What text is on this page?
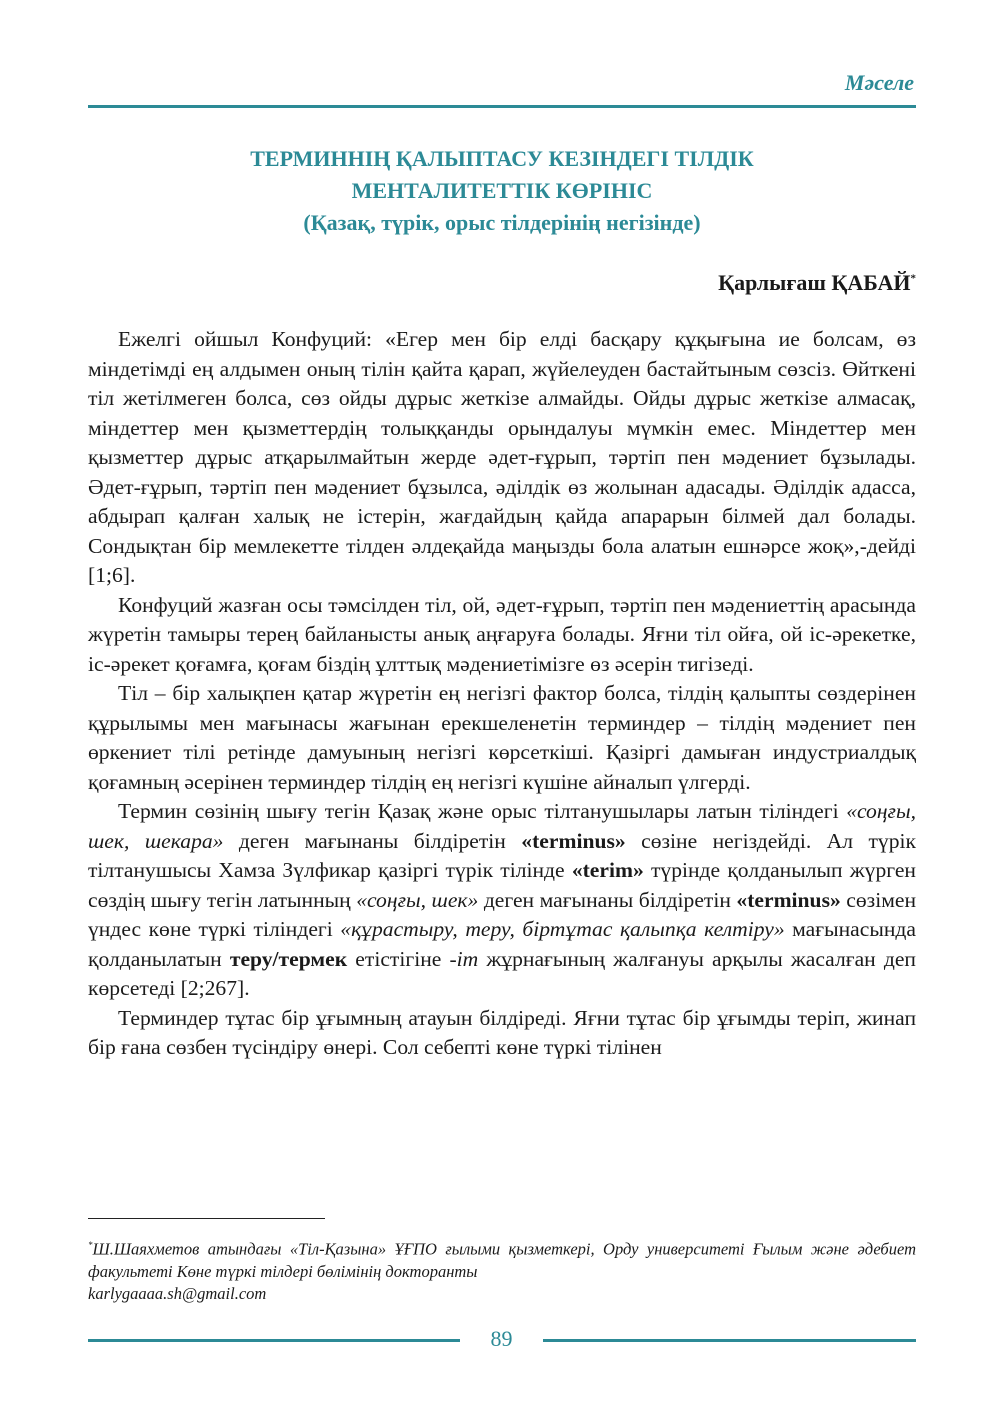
Мәселе
ТЕРМИННІҢ ҚАЛЫПТАСУ КЕЗІНДЕГІ ТІЛДІК
МЕНТАЛИТЕТТІК КӨРІНІС
(Қазақ, түрік, орыс тілдерінің негізінде)
Қарлығаш ҚАБАЙ*

Ежелгі ойшыл Конфуций: «Егер мен бір елді басқару құқығына ие болсам, өз міндетімді ең алдымен оның тілін қайта қарап, жүйелеуден бастайтыным сөзсіз. Өйткені тіл жетілмеген болса, сөз ойды дұрыс жеткізе алмайды. Ойды дұрыс жеткізе алмасақ, міндеттер мен қызметтердің толыққанды орындалуы мүмкін емес. Міндеттер мен қызметтер дұрыс атқарылмайтын жерде әдет-ғұрып, тәртіп пен мәдениет бұзылады. Әдет-ғұрып, тәртіп пен мәдениет бұзылса, әділдік өз жолынан адасады. Әділдік адасса, абдырап қалған халық не істерін, жағдайдың қайда апарарын білмей дал болады. Сондықтан бір мемлекетте тілден әлдеқайда маңызды бола алатын ешнәрсе жоқ»,-дейді [1;6].

Конфуций жазған осы тәмсілден тіл, ой, әдет-ғұрып, тәртіп пен мәдениеттің арасында жүретін тамыры терең байланысты анық аңғаруға болады. Яғни тіл ойға, ой іс-әрекетке, іс-әрекет қоғамға, қоғам біздің ұлттық мәдениетімізге өз әсерін тигізеді.

Тіл – бір халықпен қатар жүретін ең негізгі фактор болса, тілдің қалыпты сөздерінен құрылымы мен мағынасы жағынан ерекшеленетін терминдер – тілдің мәдениет пен өркениет тілі ретінде дамуының негізгі көрсеткіші. Қазіргі дамыған индустриалдық қоғамның әсерінен терминдер тілдің ең негізгі күшіне айналып үлгерді.

Термин сөзінің шығу тегін Қазақ және орыс тілтанушылары латын тіліндегі «соңғы, шек, шекара» деген мағынаны білдіретін «terminus» сөзіне негіздейді. Ал түрік тілтанушысы Хамза Зүлфикар қазіргі түрік тілінде «terim» түрінде қолданылып жүрген сөздің шығу тегін латынның «соңғы, шек» деген мағынаны білдіретін «terminus» сөзімен үндес көне түркі тіліндегі «құрастыру, теру, біртұтас қалыпқа келтіру» мағынасында қолданылатын теру/термек етістігіне -im жұрнағының жалғануы арқылы жасалған деп көрсетеді [2;267].

Терминдер тұтас бір ұғымның атауын білдіреді. Яғни тұтас бір ұғымды теріп, жинап бір ғана сөзбен түсіндіру өнері. Сол себепті көне түркі тілінен

*Ш.Шаяхметов атындағы «Тіл-Қазына» ҰҒПО ғылыми қызметкері, Орду университеті Ғылым және әдебиет факультеті Көне түркі тілдері бөлімінің докторанты

karlygaaaa.sh@gmail.com

89
